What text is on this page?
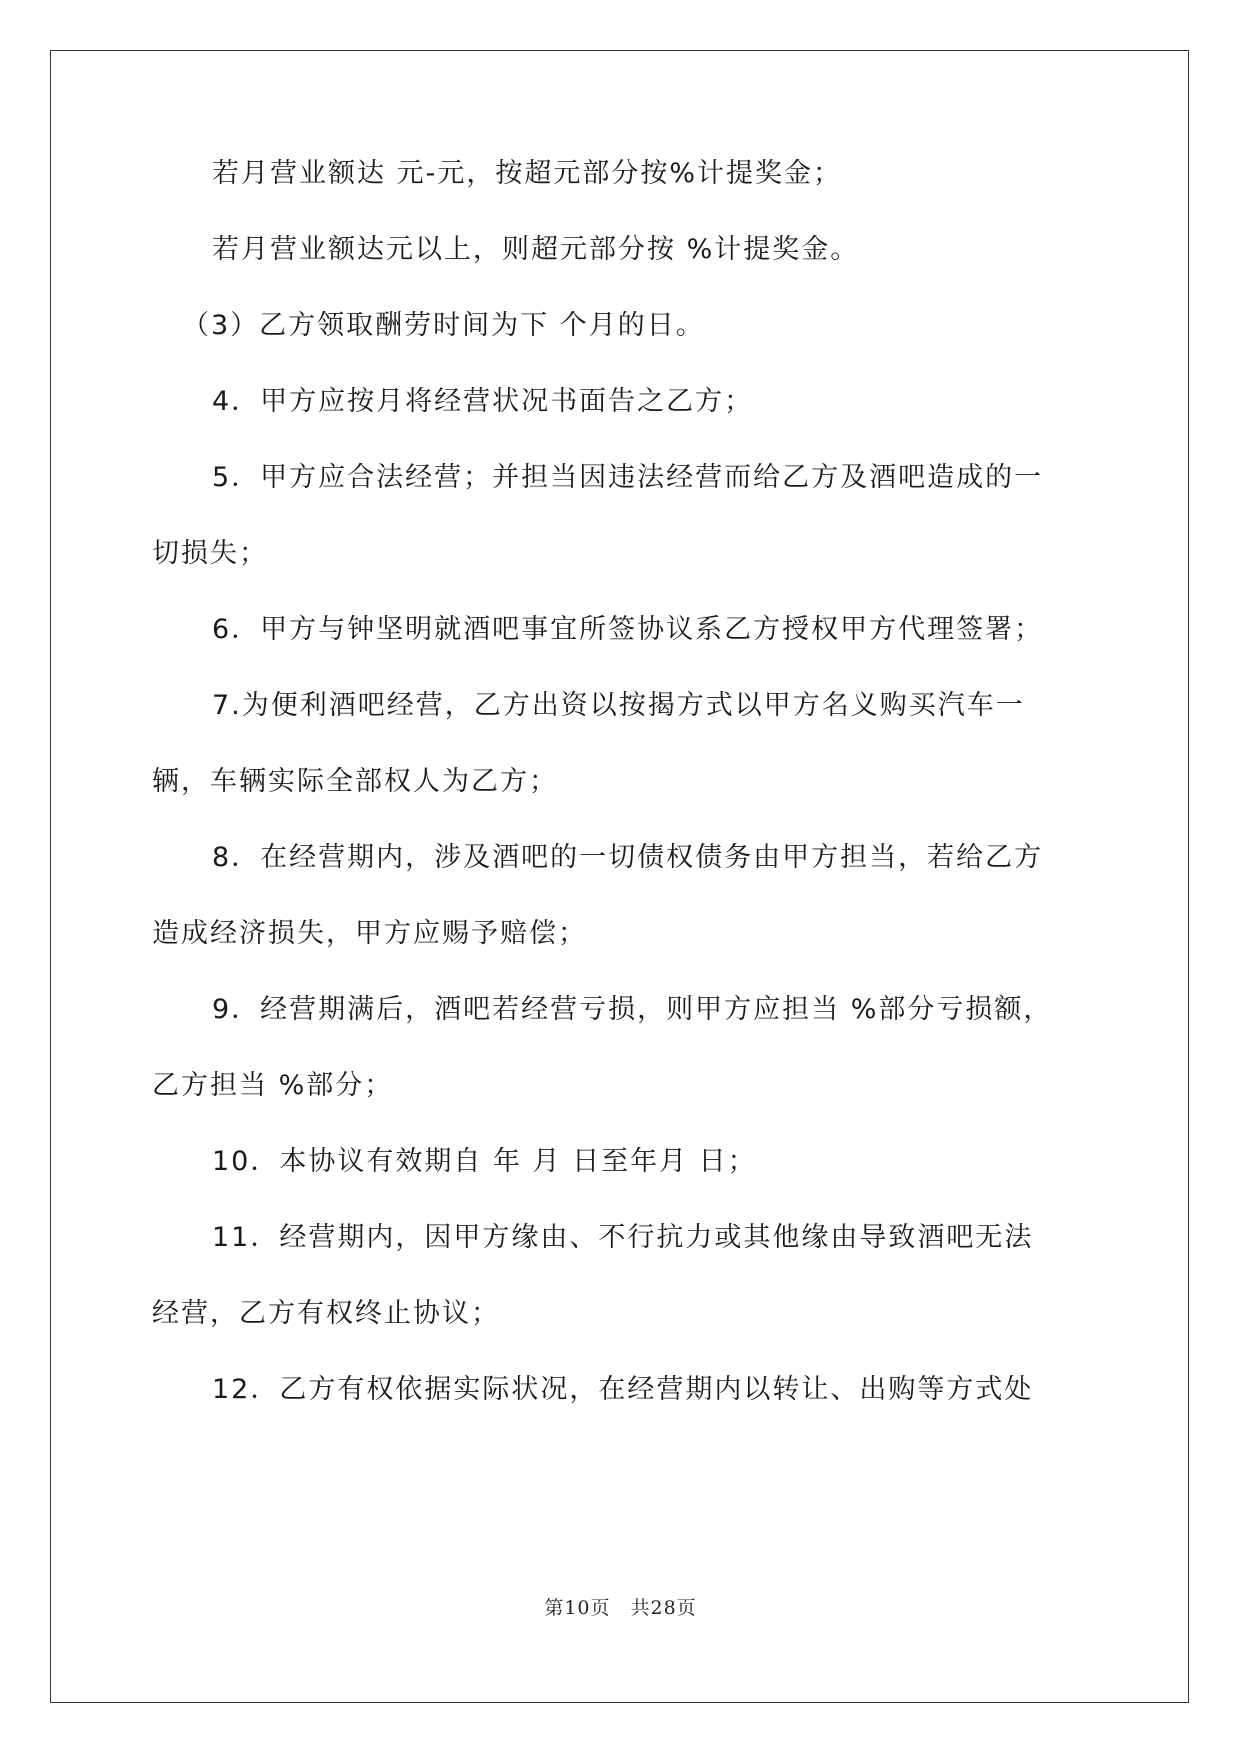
若月营业额达 元-元，按超元部分按%计提奖金；
若月营业额达元以上，则超元部分按 %计提奖金。
（3）乙方领取酬劳时间为下 个月的日。
4．甲方应按月将经营状况书面告之乙方；
5．甲方应合法经营；并担当因违法经营而给乙方及酒吧造成的一
切损失；
6．甲方与钟坚明就酒吧事宜所签协议系乙方授权甲方代理签署；
7.为便利酒吧经营，乙方出资以按揭方式以甲方名义购买汽车一
辆，车辆实际全部权人为乙方；
8．在经营期内，涉及酒吧的一切债权债务由甲方担当，若给乙方
造成经济损失，甲方应赐予赔偿；
9．经营期满后，酒吧若经营亏损，则甲方应担当 %部分亏损额，
乙方担当 %部分；
10．本协议有效期自 年 月 日至年月 日；
11．经营期内，因甲方缘由、不行抗力或其他缘由导致酒吧无法
经营，乙方有权终止协议；
12．乙方有权依据实际状况，在经营期内以转让、出购等方式处
第10页　共28页
